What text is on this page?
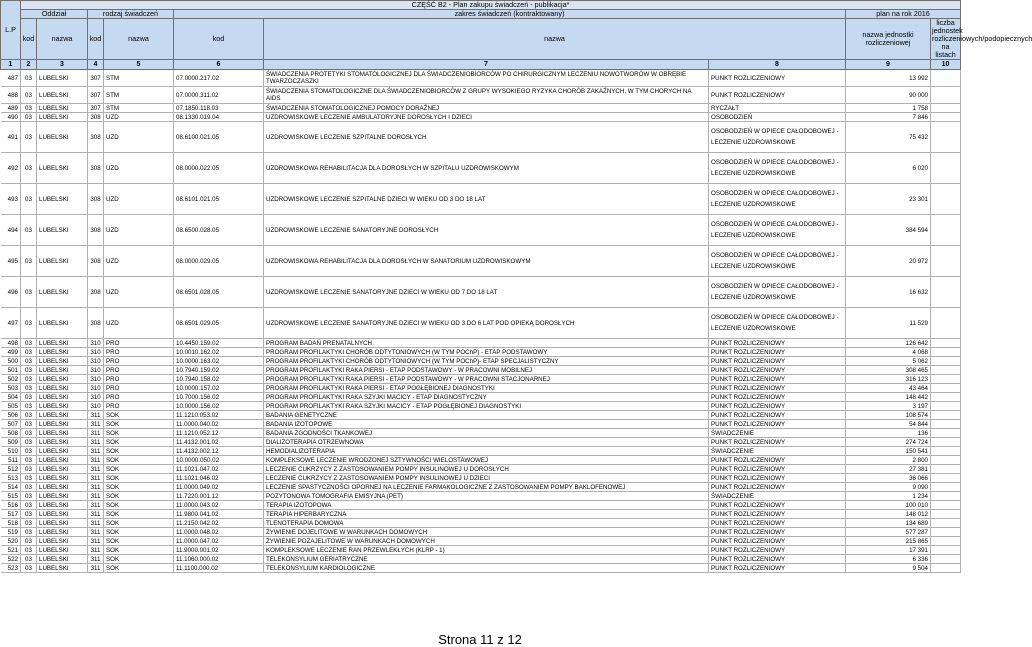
L.P	CZĘŚĆ B2 - Plan zakupu świadczeń - publikacja*									
	Oddział		rodzaj świadczeń		zakres świadczeń (kontraktowany)			plan na rok 2016	
	kod	nazwa	kod	nazwa	kod	nazwa		nazwa jednostki rozliczeniowej	liczba jednostek rozliczeniowych/podopiecznych na listach	
1	2	3	4	5	6	7	8	9	10	
487	03	LUBELSKI	307	STM	07.0000.217.02	ŚWIADCZENIA PROTETYKI STOMATOLOGICZNEJ DLA ŚWIADCZENIOBIORCÓW PO CHIRURGICZNYM LECZENIU NOWOTWORÓW W OBRĘBIE TWARZOCZASZKI	PUNKT ROZLICZENIOWY	13 992		
488	03	LUBELSKI	307	STM	07.0000.311.02	ŚWIADCZENIA STOMATOLOGICZNE DLA ŚWIADCZENIOBIORCÓW Z GRUPY WYSOKIEGO RYZYKA CHORÓB ZAKAŹNYCH, W TYM CHORYCH NA AIDS	PUNKT ROZLICZENIOWY	90 000		
489	03	LUBELSKI	307	STM	07.1850.118.03	ŚWIADCZENIA STOMATOLOGICZNEJ POMOCY DORAŹNEJ	RYCZAŁT	1 758		
490	03	LUBELSKI	308	UZD	08.1330.019.04	UZDROWISKOWE LECZENIE AMBULATORYJNE DOROSŁYCH I DZIECI	OSOBODZIEŃ	7 846		
491	03	LUBELSKI	308	UZD	08.6100.021.05	UZDROWISKOWE LECZENIE SZPITALNE DOROSŁYCH	OSOBODZIEŃ W OPIECE CAŁODOBOWEJ - LECZENIE UZDROWISKOWE	75 432		
492	03	LUBELSKI	308	UZD	08.0000.022.05	UZDROWISKOWA REHABILITACJA DLA DOROSŁYCH W SZPITALU UZDROWISKOWYM	OSOBODZIEŃ W OPIECE CAŁODOBOWEJ - LECZENIE UZDROWISKOWE	6 020		
493	03	LUBELSKI	308	UZD	08.6101.021.05	UZDROWISKOWE LECZENIE SZPITALNE DZIECI W WIEKU OD 3 DO 18 LAT	OSOBODZIEŃ W OPIECE CAŁODOBOWEJ - LECZENIE UZDROWISKOWE	23 301		
494	03	LUBELSKI	308	UZD	08.6500.028.05	UZDROWISKOWE LECZENIE SANATORYJNE DOROSŁYCH	OSOBODZIEŃ W OPIECE CAŁODOBOWEJ - LECZENIE UZDROWISKOWE	384 594		
495	03	LUBELSKI	308	UZD	08.0000.029.05	UZDROWISKOWA REHABILITACJA DLA DOROSŁYCH W SANATORIUM UZDROWISKOWYM	OSOBODZIEŃ W OPIECE CAŁODOBOWEJ - LECZENIE UZDROWISKOWE	20 972		
496	03	LUBELSKI	308	UZD	08.6501.028.05	UZDROWISKOWE LECZENIE SANATORYJNE DZIECI W WIEKU OD 7 DO 18 LAT	OSOBODZIEŃ W OPIECE CAŁODOBOWEJ - LECZENIE UZDROWISKOWE	16 632		
497	03	LUBELSKI	308	UZD	08.6501.029.05	UZDROWISKOWE LECZENIE SANATORYJNE DZIECI W WIEKU OD 3 DO 6 LAT POD OPIEKĄ DOROSŁYCH	OSOBODZIEŃ W OPIECE CAŁODOBOWEJ - LECZENIE UZDROWISKOWE	11 529		
498	03	LUBELSKI	310	PRO	10.4450.159.02	PROGRAM BADAŃ PRENATALNYCH	PUNKT ROZLICZENIOWY	126 642		
499	03	LUBELSKI	310	PRO	10.0010.162.02	PROGRAM PROFILAKTYKI CHORÓB ODTYTONIOWYCH (W TYM POChP) - ETAP PODSTAWOWY	PUNKT ROZLICZENIOWY	4 068		
500	03	LUBELSKI	310	PRO	10.0000.163.02	PROGRAM PROFILAKTYKI CHORÓB ODTYTONIOWYCH (W TYM POChP)- ETAP SPECJALISTYCZNY	PUNKT ROZLICZENIOWY	5 062		
501	03	LUBELSKI	310	PRO	10.7940.159.02	PROGRAM PROFILAKTYKI RAKA PIERSI - ETAP PODSTAWOWY - W PRACOWNI MOBILNEJ	PUNKT ROZLICZENIOWY	308 465		
502	03	LUBELSKI	310	PRO	10.7940.158.02	PROGRAM PROFILAKTYKI RAKA PIERSI - ETAP PODSTAWOWY - W PRACOWNI STACJONARNEJ	PUNKT ROZLICZENIOWY	316 123		
503	03	LUBELSKI	310	PRO	10.0000.157.02	PROGRAM PROFILAKTYKI RAKA PIERSI - ETAP POGŁĘBIONEJ DIAGNOSTYKI	PUNKT ROZLICZENIOWY	43 464		
504	03	LUBELSKI	310	PRO	10.7000.156.02	PROGRAM PROFILAKTYKI RAKA SZYJKI MACICY - ETAP DIAGNOSTYCZNY	PUNKT ROZLICZENIOWY	148 442		
505	03	LUBELSKI	310	PRO	10.0000.156.02	PROGRAM PROFILAKTYKI RAKA SZYJKI MACICY - ETAP POGŁĘBIONEJ DIAGNOSTYKI	PUNKT ROZLICZENIOWY	3 197		
506	03	LUBELSKI	311	SOK	11.1210.053.02	BADANIA GENETYCZNE	PUNKT ROZLICZENIOWY	108 574		
507	03	LUBELSKI	311	SOK	11.0000.040.02	BADANIA IZOTOPOWE	PUNKT ROZLICZENIOWY	54 844		
508	03	LUBELSKI	311	SOK	11.1210.052.12	BADANIA ZGODNOŚCI TKANKOWEJ	ŚWIADCZENIE	136		
509	03	LUBELSKI	311	SOK	11.4132.001.02	DIALIZOTERAPIA OTRZEWNOWA	PUNKT ROZLICZENIOWY	274 724		
510	03	LUBELSKI	311	SOK	11.4132.002.12	HEMODIALIZOTERAPIA	ŚWIADCZENIE	150 541		
511	03	LUBELSKI	311	SOK	10.0000.050.02	KOMPLEKSOWE LECZENIE WRODZONEJ SZTYWNOŚCI WIELOSTAWOWEJ	PUNKT ROZLICZENIOWY	2 800		
512	03	LUBELSKI	311	SOK	11.1021.047.02	LECZENIE CUKRZYCY Z ZASTOSOWANIEM POMPY INSULINOWEJ U DOROSŁYCH	PUNKT ROZLICZENIOWY	27 381		
513	03	LUBELSKI	311	SOK	11.1021.046.02	LECZENIE CUKRZYCY Z ZASTOSOWANIEM POMPY INSULINOWEJ U DZIECI	PUNKT ROZLICZENIOWY	36 066		
514	03	LUBELSKI	311	SOK	11.0000.049.02	LECZENIE SPASTYCZNOŚCI OPORNEJ NA LECZENIE FARMAKOLOGICZNE Z ZASTOSOWANIEM POMPY BAKLOFENOWEJ	PUNKT ROZLICZENIOWY	9 090		
515	03	LUBELSKI	311	SOK	11.7220.001.12	POZYTONOWA TOMOGRAFIA EMISYJNA (PET)	ŚWIADCZENIE	1 234		
516	03	LUBELSKI	311	SOK	11.0000.043.02	TERAPIA IZOTOPOWA	PUNKT ROZLICZENIOWY	100 010		
517	03	LUBELSKI	311	SOK	11.9800.041.02	TERAPIA HIPERBARYCZNA	PUNKT ROZLICZENIOWY	148 012		
518	03	LUBELSKI	311	SOK	11.2150.042.02	TLENOTERAPIA DOMOWA	PUNKT ROZLICZENIOWY	134 689		
519	03	LUBELSKI	311	SOK	11.0000.048.02	ŻYWIENIE DOJELITOWE W WARUNKACH DOMOWYCH	PUNKT ROZLICZENIOWY	577 287		
520	03	LUBELSKI	311	SOK	11.0000.047.02	ŻYWIENIE POZAJELITOWE W WARUNKACH DOMOWYCH	PUNKT ROZLICZENIOWY	215 865		
521	03	LUBELSKI	311	SOK	11.9000.001.02	KOMPLEKSOWE LECZENIE RAN PRZEWLEKŁYCH (KLRP - 1)	PUNKT ROZLICZENIOWY	17 391		
522	03	LUBELSKI	311	SOK	11.1060.000.02	TELEKONSYLIUM GERIATRYCZNE	PUNKT ROZLICZENIOWY	6 336		
523	03	LUBELSKI	311	SOK	11.1100.000.02	TELEKONSYLIUM KARDIOLOGICZNE	PUNKT ROZLICZENIOWY	9 504		
Strona 11 z 12
